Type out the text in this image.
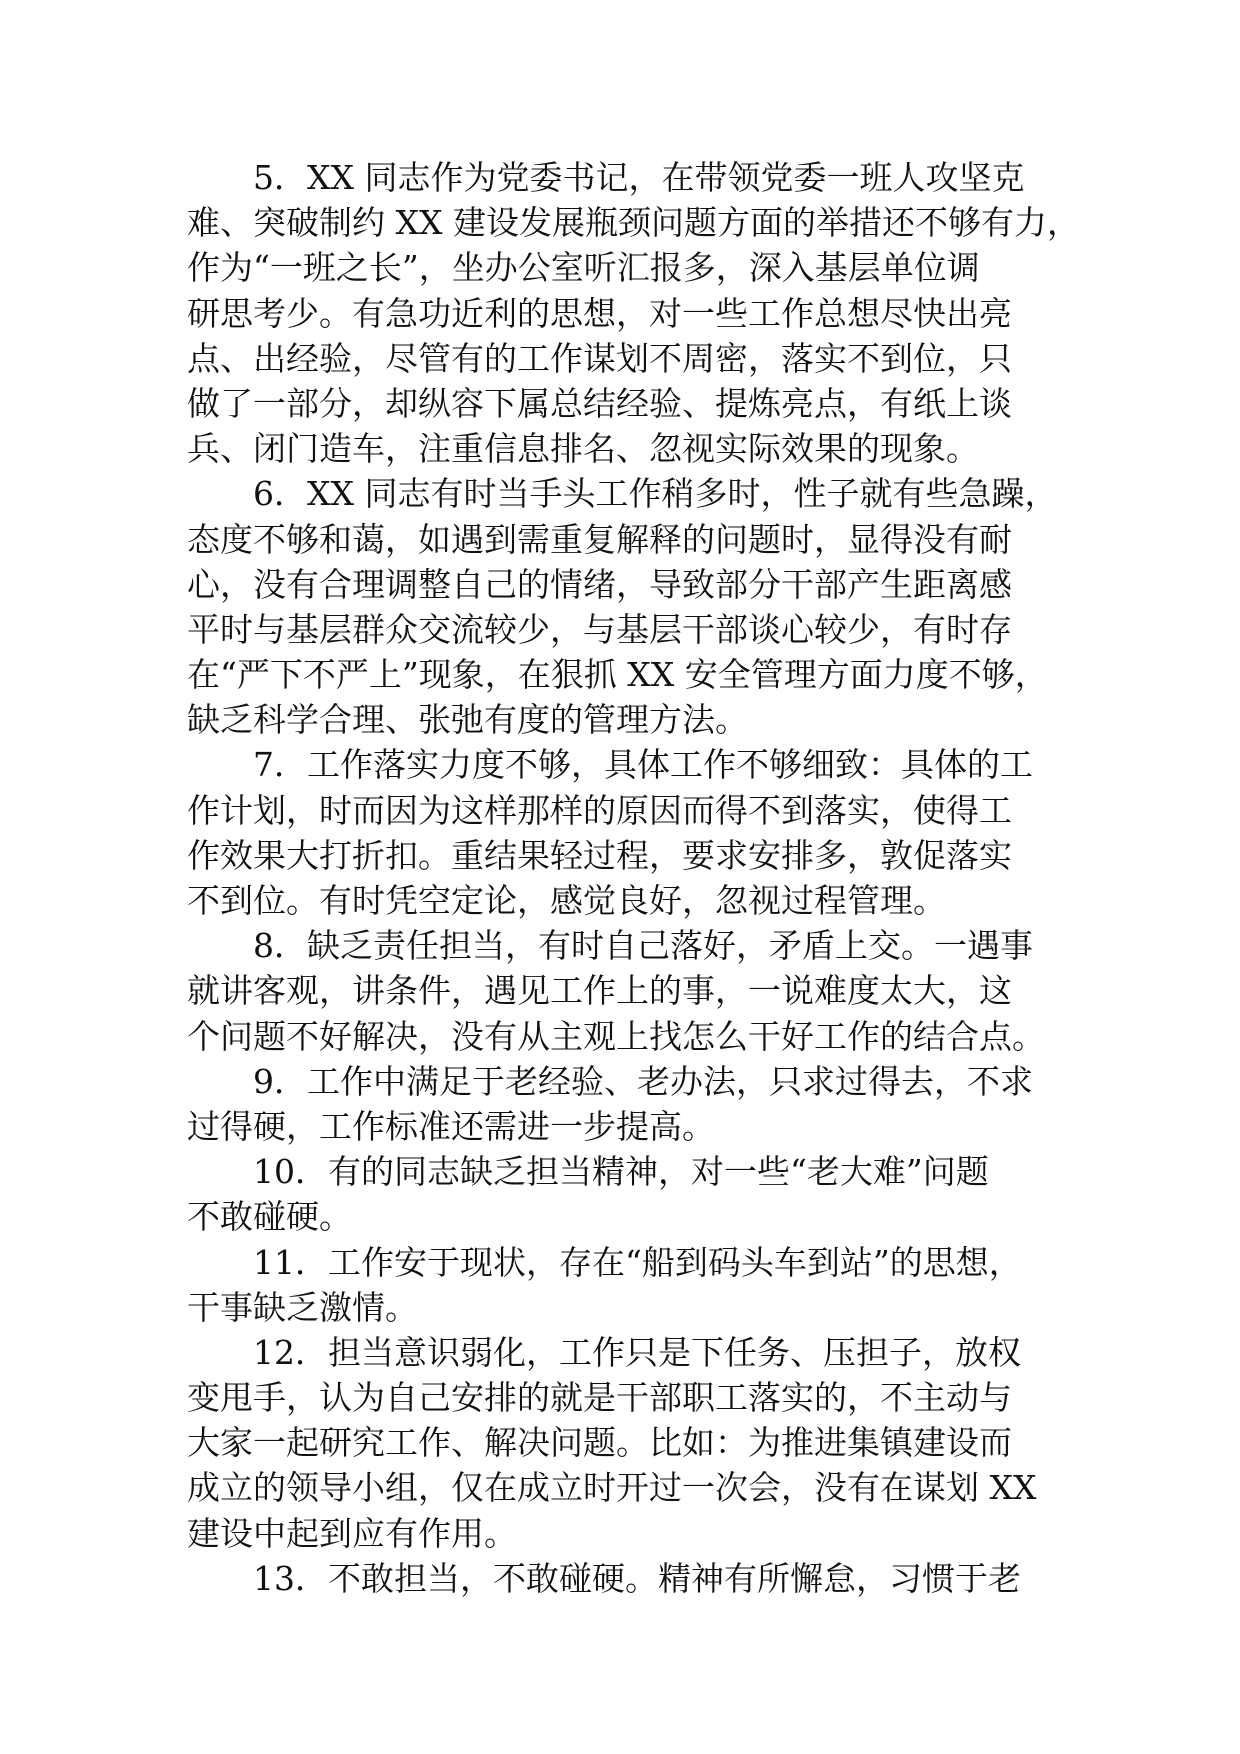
5．XX 同志作为党委书记，在带领党委一班人攻坚克
难、突破制约 XX 建设发展瓶颈问题方面的举措还不够有力，
作为“一班之长”，坐办公室听汇报多，深入基层单位调
研思考少。有急功近利的思想，对一些工作总想尽快出亮
点、出经验，尽管有的工作谋划不周密，落实不到位，只
做了一部分，却纵容下属总结经验、提炼亮点，有纸上谈
兵、闭门造车，注重信息排名、忽视实际效果的现象。
6．XX 同志有时当手头工作稍多时，性子就有些急躁，
态度不够和蔼，如遇到需重复解释的问题时，显得没有耐
心，没有合理调整自己的情绪，导致部分干部产生距离感
平时与基层群众交流较少，与基层干部谈心较少，有时存
在“严下不严上”现象，在狠抓 XX 安全管理方面力度不够，
缺乏科学合理、张弛有度的管理方法。
7．工作落实力度不够，具体工作不够细致：具体的工
作计划，时而因为这样那样的原因而得不到落实，使得工
作效果大打折扣。重结果轻过程，要求安排多，敦促落实
不到位。有时凭空定论，感觉良好，忽视过程管理。
8．缺乏责任担当，有时自己落好，矛盾上交。一遇事
就讲客观，讲条件，遇见工作上的事，一说难度太大，这
个问题不好解决，没有从主观上找怎么干好工作的结合点。
9．工作中满足于老经验、老办法，只求过得去，不求
过得硬，工作标准还需进一步提高。
10．有的同志缺乏担当精神，对一些“老大难”问题
不敢碰硬。
11．工作安于现状，存在“船到码头车到站”的思想，
干事缺乏激情。
12．担当意识弱化，工作只是下任务、压担子，放权
变甩手，认为自己安排的就是干部职工落实的，不主动与
大家一起研究工作、解决问题。比如：为推进集镇建设而
成立的领导小组，仅在成立时开过一次会，没有在谋划 XX
建设中起到应有作用。
13．不敢担当，不敢碰硬。精神有所懈怠，习惯于老
